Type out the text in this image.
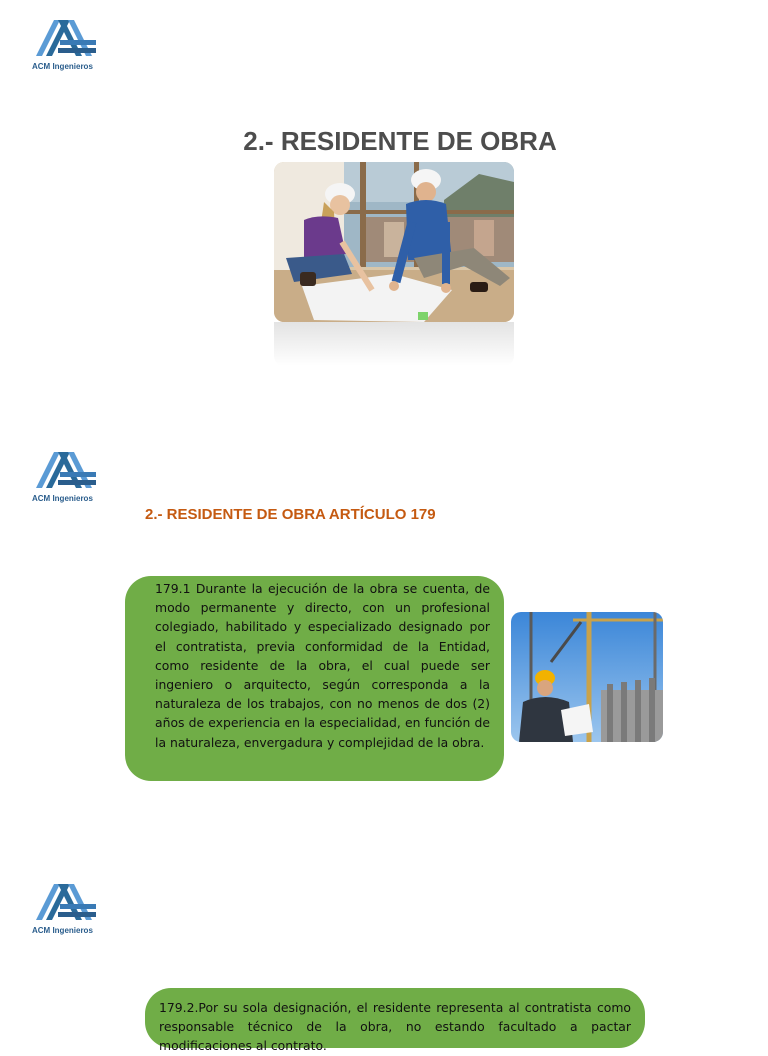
ACM Ingenieros
2.- RESIDENTE DE OBRA
ACM Ingenieros
2.- RESIDENTE DE OBRA ARTÍCULO 179
179.1 Durante la ejecución de la obra se cuenta, de modo permanente y directo, con un profesional colegiado, habilitado y especializado designado por el contratista, previa conformidad de la Entidad, como residente de la obra, el cual puede ser ingeniero o arquitecto, según corresponda a la naturaleza de los trabajos, con no menos de dos (2) años de experiencia en la especialidad, en función de la naturaleza, envergadura y complejidad de la obra.
ACM Ingenieros
179.2.Por su sola designación, el residente representa al contratista como responsable técnico de la obra, no estando facultado a pactar modificaciones al contrato.
